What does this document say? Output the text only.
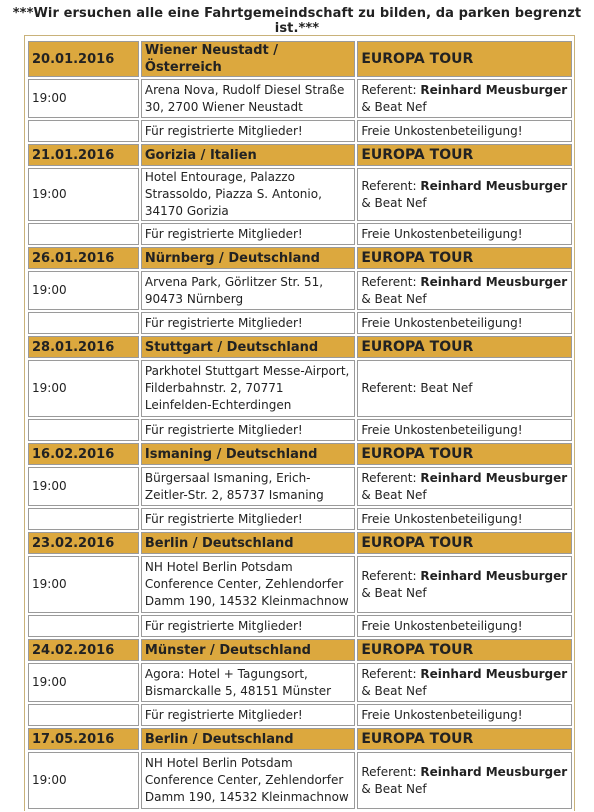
***Wir ersuchen alle eine Fahrtgemeindschaft zu bilden, da parken begrenzt ist.***
20.01.2016	Wiener Neustadt / Österreich	EUROPA TOUR
19:00	Arena Nova, Rudolf Diesel Straße 30, 2700 Wiener Neustadt	Referent: Reinhard Meusburger
& Beat Nef
	Für registrierte Mitglieder!	Freie Unkostenbeteiligung!
21.01.2016	Gorizia / Italien	EUROPA TOUR
19:00	Hotel Entourage, Palazzo Strassoldo, Piazza S. Antonio, 34170 Gorizia	Referent: Reinhard Meusburger
& Beat Nef
	Für registrierte Mitglieder!	Freie Unkostenbeteiligung!
26.01.2016	Nürnberg / Deutschland	EUROPA TOUR
19:00	Arvena Park, Görlitzer Str. 51, 90473 Nürnberg	Referent: Reinhard Meusburger
& Beat Nef
	Für registrierte Mitglieder!	Freie Unkostenbeteiligung!
28.01.2016	Stuttgart / Deutschland	EUROPA TOUR
19:00	Parkhotel Stuttgart Messe-Airport, Filderbahnstr. 2, 70771 Leinfelden-Echterdingen	Referent: Beat Nef
	Für registrierte Mitglieder!	Freie Unkostenbeteiligung!
16.02.2016	Ismaning / Deutschland	EUROPA TOUR
19:00	Bürgersaal Ismaning, Erich-Zeitler-Str. 2, 85737 Ismaning	Referent: Reinhard Meusburger
& Beat Nef
	Für registrierte Mitglieder!	Freie Unkostenbeteiligung!
23.02.2016	Berlin / Deutschland	EUROPA TOUR
19:00	NH Hotel Berlin Potsdam Conference Center, Zehlendorfer Damm 190, 14532 Kleinmachnow	Referent: Reinhard Meusburger
& Beat Nef
	Für registrierte Mitglieder!	Freie Unkostenbeteiligung!
24.02.2016	Münster / Deutschland	EUROPA TOUR
19:00	Agora: Hotel + Tagungsort, Bismarckalle 5, 48151 Münster	Referent: Reinhard Meusburger
& Beat Nef
	Für registrierte Mitglieder!	Freie Unkostenbeteiligung!
17.05.2016	Berlin / Deutschland	EUROPA TOUR
19:00	NH Hotel Berlin Potsdam Conference Center, Zehlendorfer Damm 190, 14532 Kleinmachnow	Referent: Reinhard Meusburger
& Beat Nef
